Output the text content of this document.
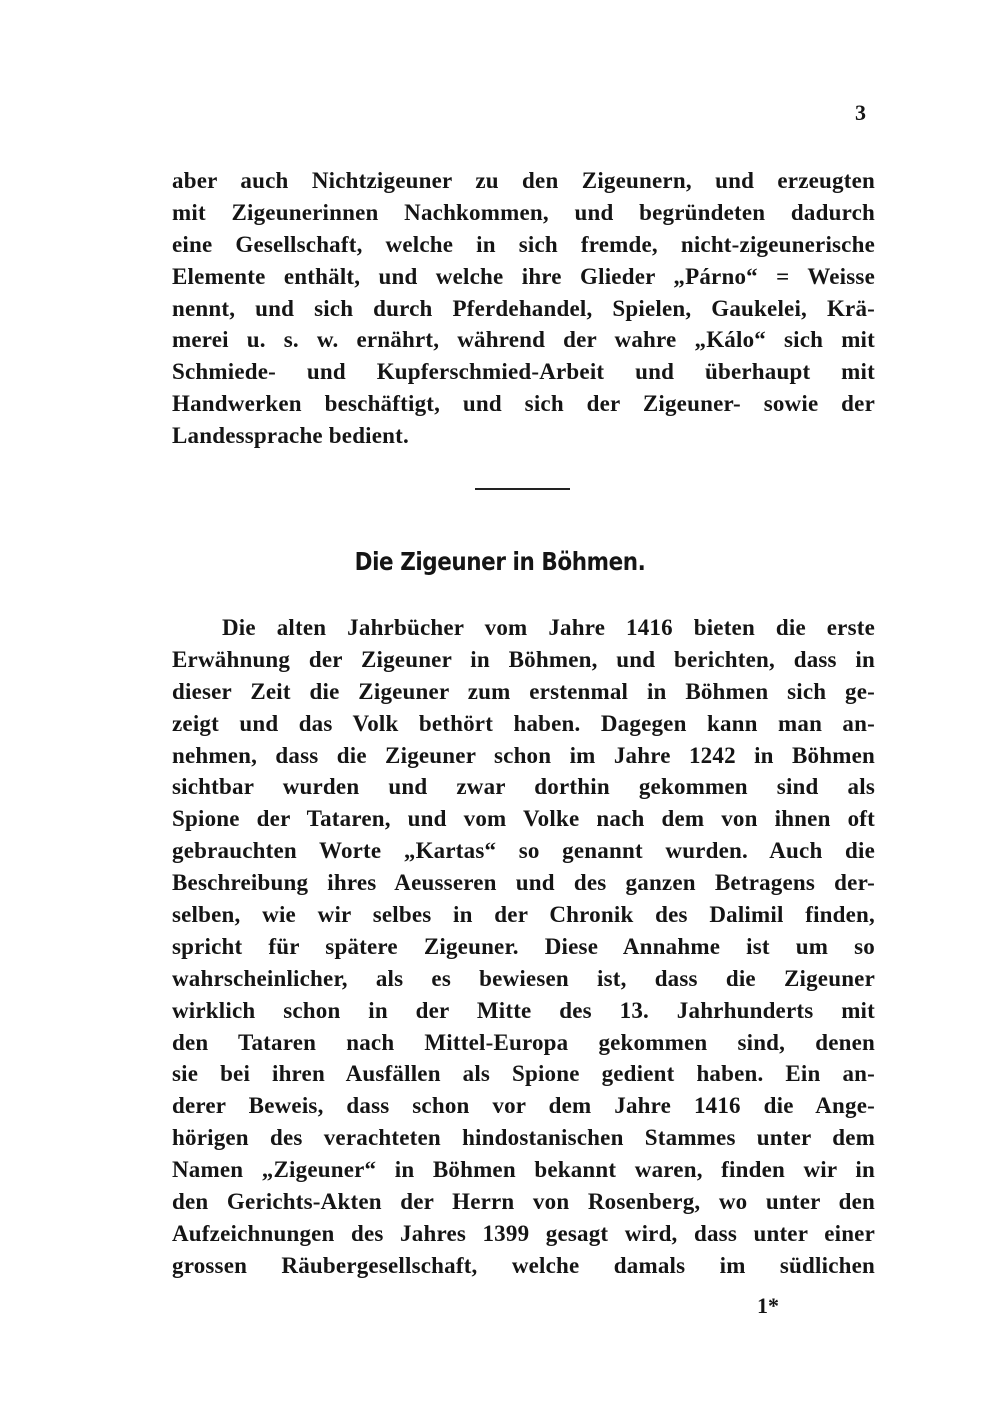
3
aber auch Nichtzigeuner zu den Zigeunern, und erzeugten
mit Zigeunerinnen Nachkommen, und begründeten dadurch
eine Gesellschaft, welche in sich fremde, nicht-zigeunerische
Elemente enthält, und welche ihre Glieder „Párno“ = Weisse
nennt, und sich durch Pferdehandel, Spielen, Gaukelei, Krä-
merei u. s. w. ernährt, während der wahre „Kálo“ sich mit
Schmiede- und Kupferschmied-Arbeit und überhaupt mit
Handwerken beschäftigt, und sich der Zigeuner- sowie der
Landessprache bedient.
Die Zigeuner in Böhmen.
Die alten Jahrbücher vom Jahre 1416 bieten die erste
Erwähnung der Zigeuner in Böhmen, und berichten, dass in
dieser Zeit die Zigeuner zum erstenmal in Böhmen sich ge-
zeigt und das Volk bethört haben. Dagegen kann man an-
nehmen, dass die Zigeuner schon im Jahre 1242 in Böhmen
sichtbar wurden und zwar dorthin gekommen sind als
Spione der Tataren, und vom Volke nach dem von ihnen oft
gebrauchten Worte „Kartas“ so genannt wurden. Auch die
Beschreibung ihres Aeusseren und des ganzen Betragens der-
selben, wie wir selbes in der Chronik des Dalimil finden,
spricht für spätere Zigeuner. Diese Annahme ist um so
wahrscheinlicher, als es bewiesen ist, dass die Zigeuner
wirklich schon in der Mitte des 13. Jahrhunderts mit
den Tataren nach Mittel-Europa gekommen sind, denen
sie bei ihren Ausfällen als Spione gedient haben. Ein an-
derer Beweis, dass schon vor dem Jahre 1416 die Ange-
hörigen des verachteten hindostanischen Stammes unter dem
Namen „Zigeuner“ in Böhmen bekannt waren, finden wir in
den Gerichts-Akten der Herrn von Rosenberg, wo unter den
Aufzeichnungen des Jahres 1399 gesagt wird, dass unter einer
grossen Räubergesellschaft, welche damals im südlichen
1*
